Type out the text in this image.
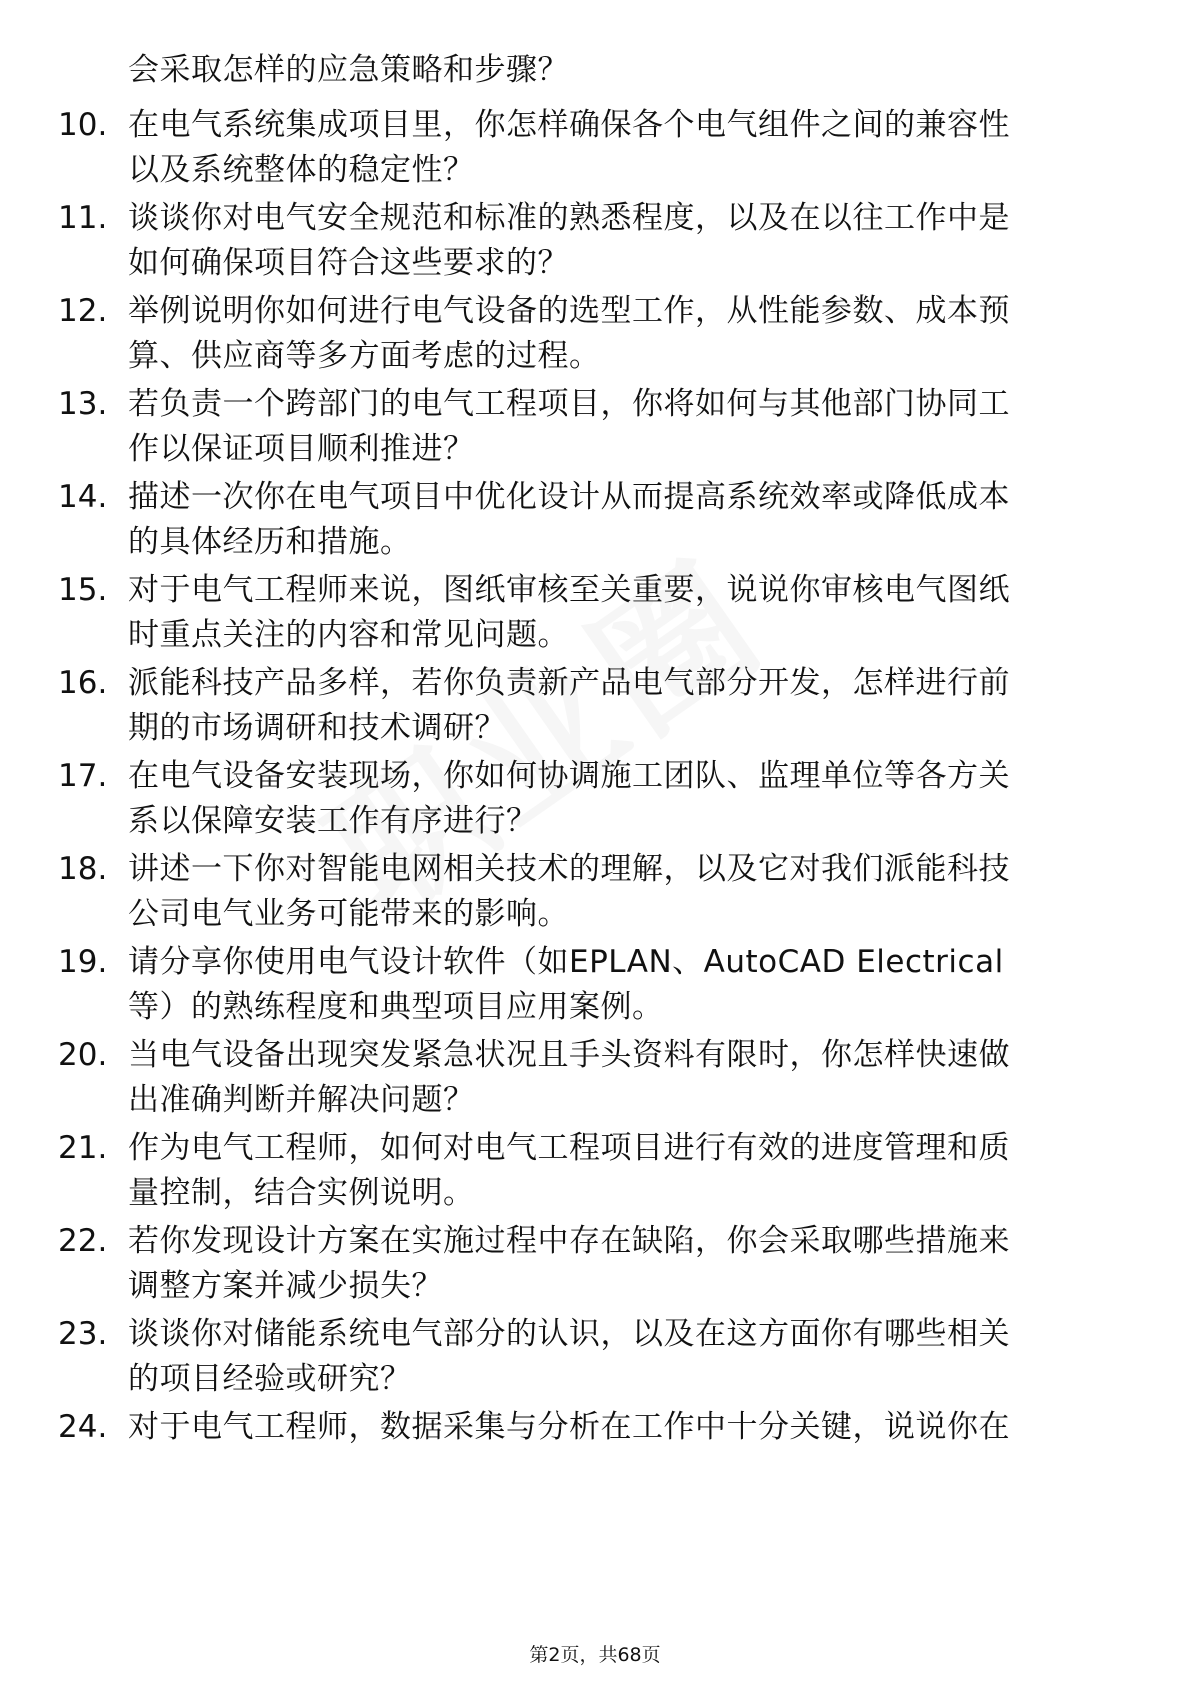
会采取怎样的应急策略和步骤？
10. 在电气系统集成项目里，你怎样确保各个电气组件之间的兼容性
以及系统整体的稳定性？
11. 谈谈你对电气安全规范和标准的熟悉程度，以及在以往工作中是
如何确保项目符合这些要求的？
12. 举例说明你如何进行电气设备的选型工作，从性能参数、成本预
算、供应商等多方面考虑的过程。
13. 若负责一个跨部门的电气工程项目，你将如何与其他部门协同工
作以保证项目顺利推进？
14. 描述一次你在电气项目中优化设计从而提高系统效率或降低成本
的具体经历和措施。
15. 对于电气工程师来说，图纸审核至关重要，说说你审核电气图纸
时重点关注的内容和常见问题。
16. 派能科技产品多样，若你负责新产品电气部分开发，怎样进行前
期的市场调研和技术调研？
17. 在电气设备安装现场，你如何协调施工团队、监理单位等各方关
系以保障安装工作有序进行？
18. 讲述一下你对智能电网相关技术的理解，以及它对我们派能科技
公司电气业务可能带来的影响。
19. 请分享你使用电气设计软件（如EPLAN、AutoCAD Electrical
等）的熟练程度和典型项目应用案例。
20. 当电气设备出现突发紧急状况且手头资料有限时，你怎样快速做
出准确判断并解决问题？
21. 作为电气工程师，如何对电气工程项目进行有效的进度管理和质
量控制，结合实例说明。
22. 若你发现设计方案在实施过程中存在缺陷，你会采取哪些措施来
调整方案并减少损失？
23. 谈谈你对储能系统电气部分的认识，以及在这方面你有哪些相关
的项目经验或研究？
24. 对于电气工程师，数据采集与分析在工作中十分关键，说说你在
第2页，共68页
